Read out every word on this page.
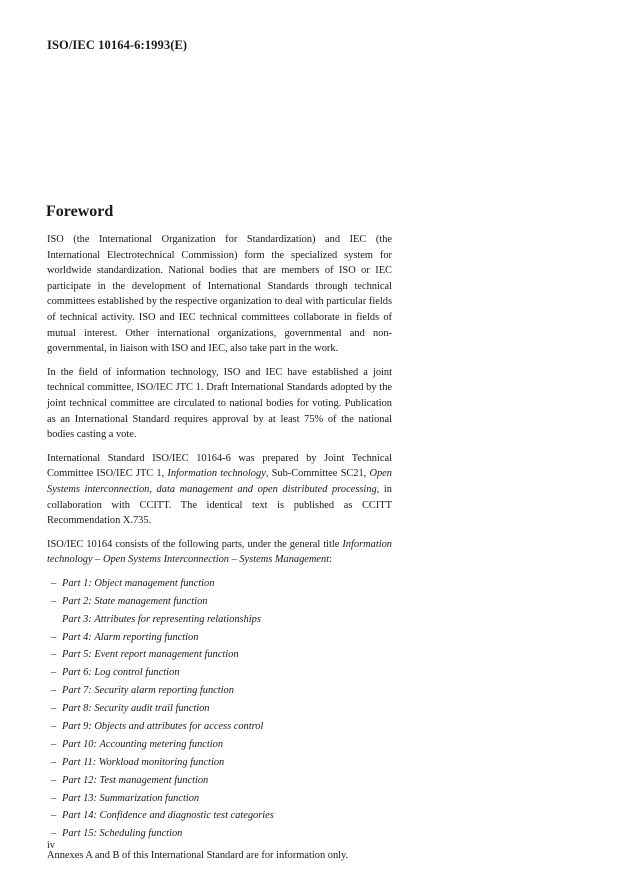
ISO/IEC 10164-6:1993(E)
Foreword

ISO (the International Organization for Standardization) and IEC (the International Electrotechnical Commission) form the specialized system for worldwide standardization. National bodies that are members of ISO or IEC participate in the development of International Standards through technical committees established by the respective organization to deal with particular fields of technical activity. ISO and IEC technical committees collaborate in fields of mutual interest. Other international organizations, governmental and non-governmental, in liaison with ISO and IEC, also take part in the work.

In the field of information technology, ISO and IEC have established a joint technical committee, ISO/IEC JTC 1. Draft International Standards adopted by the joint technical committee are circulated to national bodies for voting. Publication as an International Standard requires approval by at least 75% of the national bodies casting a vote.

International Standard ISO/IEC 10164-6 was prepared by Joint Technical Committee ISO/IEC JTC 1, Information technology, Sub-Committee SC21, Open Systems interconnection, data management and open distributed processing, in collaboration with CCITT. The identical text is published as CCITT Recommendation X.735.

ISO/IEC 10164 consists of the following parts, under the general title Information technology – Open Systems Interconnection – Systems Management:

– Part 1: Object management function
– Part 2: State management function
Part 3: Attributes for representing relationships
– Part 4: Alarm reporting function
– Part 5: Event report management function
– Part 6: Log control function
– Part 7: Security alarm reporting function
– Part 8: Security audit trail function
– Part 9: Objects and attributes for access control
– Part 10: Accounting metering function
– Part 11: Workload monitoring function
– Part 12: Test management function
– Part 13: Summarization function
– Part 14: Confidence and diagnostic test categories
– Part 15: Scheduling function

Annexes A and B of this International Standard are for information only.

iv
